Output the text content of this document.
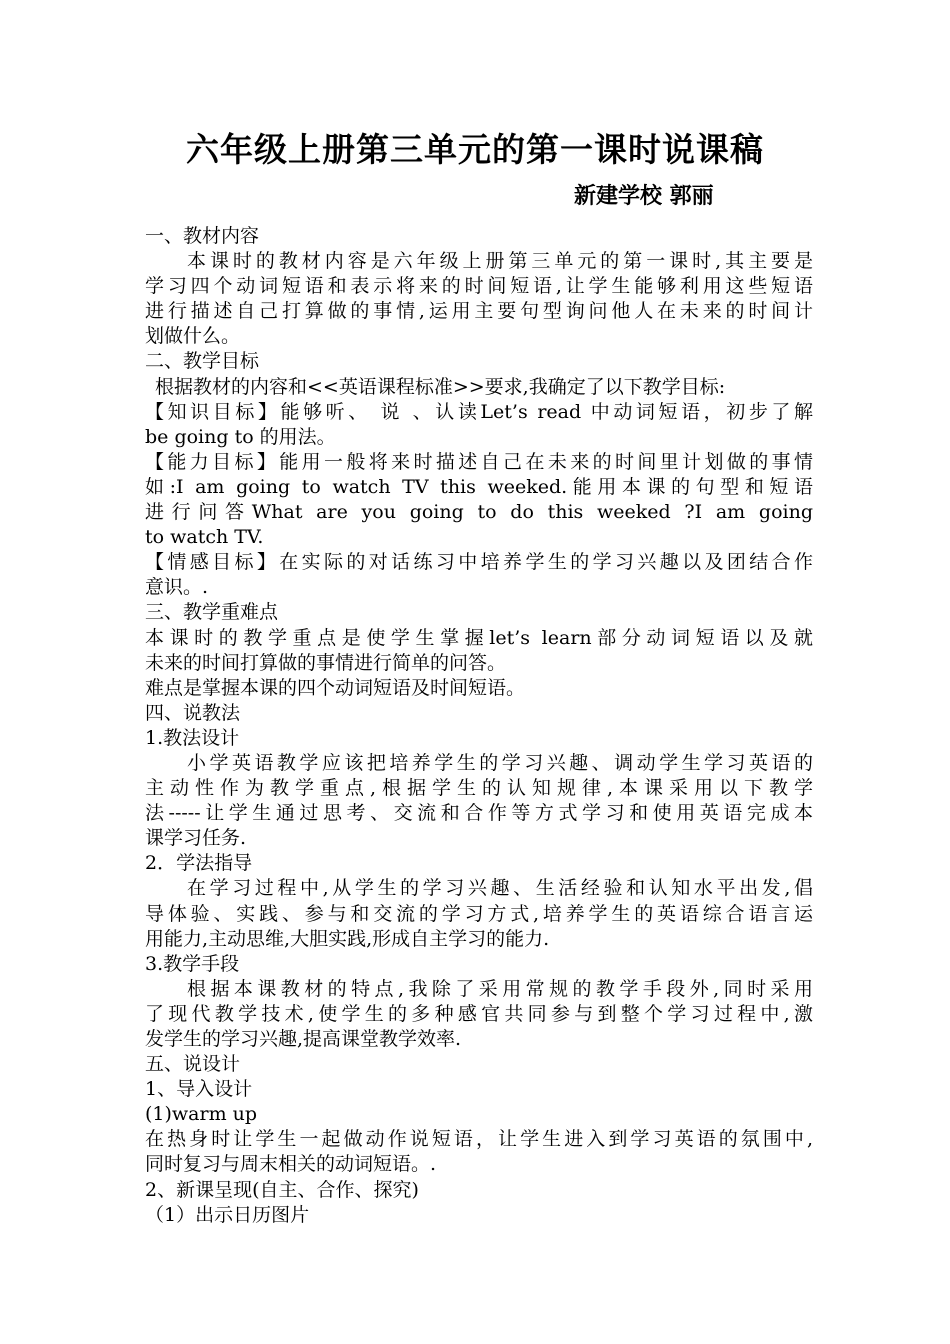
六年级上册第三单元的第一课时说课稿
新建学校 郭丽
一、教材内容
本课时的教材内容是六年级上册第三单元的第一课时,其主要是
学习四个动词短语和表示将来的时间短语,让学生能够利用这些短语
进行描述自己打算做的事情,运用主要句型询问他人在未来的时间计
划做什么。
二、教学目标
根据教材的内容和<<英语课程标准>>要求,我确定了以下教学目标:
【知识目标】能够听、 说 、认读Let’s read 中动词短语，初步了解
be going to 的用法。
【能力目标】能用一般将来时描述自己在未来的时间里计划做的事情
如:I am going to watch TV this weeked.能用本课的句型和短语
进行问答What are you going to do this weeked ?I am going
to watch TV.
【情感目标】在实际的对话练习中培养学生的学习兴趣以及团结合作
意识。.
三、教学重难点
本课时的教学重点是使学生掌握let’s learn部分动词短语以及就
未来的时间打算做的事情进行简单的问答。
难点是掌握本课的四个动词短语及时间短语。
四、说教法
1.教法设计
小学英语教学应该把培养学生的学习兴趣、调动学生学习英语的
主动性作为教学重点,根据学生的认知规律,本课采用以下教学
法-----让学生通过思考、交流和合作等方式学习和使用英语完成本
课学习任务.
2．学法指导
在学习过程中,从学生的学习兴趣、生活经验和认知水平出发,倡
导体验、实践、参与和交流的学习方式,培养学生的英语综合语言运
用能力,主动思维,大胆实践,形成自主学习的能力.
3.教学手段
根据本课教材的特点,我除了采用常规的教学手段外,同时采用
了现代教学技术,使学生的多种感官共同参与到整个学习过程中,激
发学生的学习兴趣,提高课堂教学效率.
五、说设计
1、导入设计
(1)warm up
在热身时让学生一起做动作说短语，让学生进入到学习英语的氛围中,
同时复习与周末相关的动词短语。.
2、新课呈现(自主、合作、探究)
（1）出示日历图片
